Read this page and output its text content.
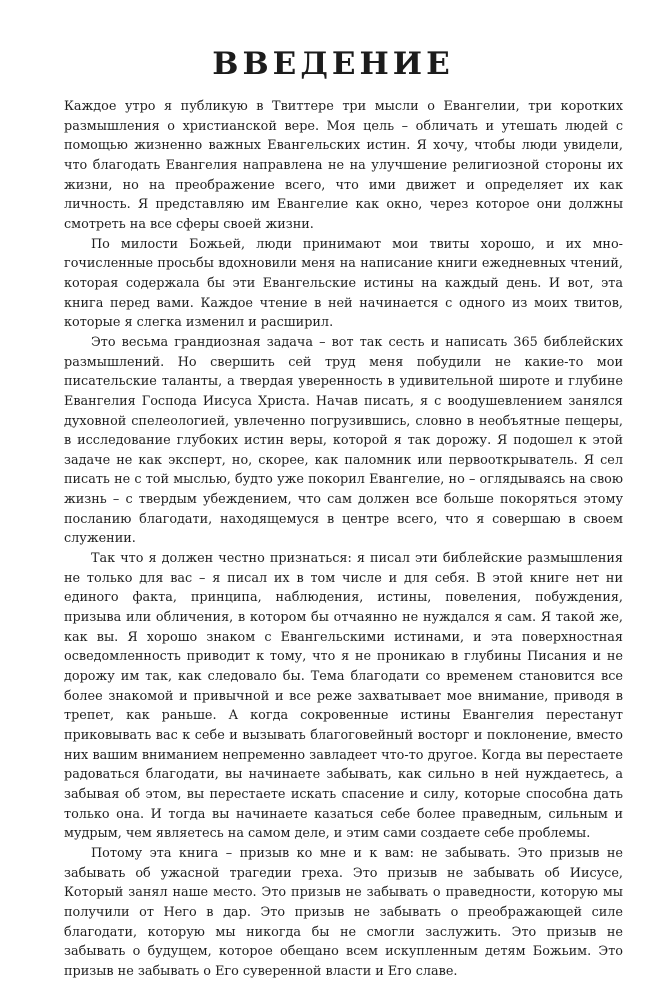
ВВЕДЕНИЕ

Каждое утро я публикую в Твиттере три мысли о Евангелии, три коротких размышления о христианской вере. Моя цель – обличать и утешать людей с помощью жизненно важных Евангельских истин. Я хочу, чтобы люди увидели, что благодать Евангелия направлена не на улучшение религиозной стороны их жизни, но на преображение всего, что ими движет и определяет их как личность. Я представляю им Евангелие как окно, через которое они должны смотреть на все сферы своей жизни.

По милости Божьей, люди принимают мои твиты хорошо, и их многочисленные просьбы вдохновили меня на написание книги ежедневных чтений, которая содержала бы эти Евангельские истины на каждый день. И вот, эта книга перед вами. Каждое чтение в ней начинается с одного из моих твитов, которые я слегка изменил и расширил.

Это весьма грандиозная задача – вот так сесть и написать 365 библейских размышлений. Но свершить сей труд меня побудили не какие-то мои писательские таланты, а твердая уверенность в удивительной широте и глубине Евангелия Господа Иисуса Христа. Начав писать, я с воодушевлением занялся духовной спелеологией, увлеченно погрузившись, словно в необъятные пещеры, в исследование глубоких истин веры, которой я так дорожу. Я подошел к этой задаче не как эксперт, но, скорее, как паломник или первооткрыватель. Я сел писать не с той мыслью, будто уже покорил Евангелие, но – оглядываясь на свою жизнь – с твердым убеждением, что сам должен все больше покоряться этому посланию благодати, находящемуся в центре всего, что я совершаю в своем служении.

Так что я должен честно признаться: я писал эти библейские размышления не только для вас – я писал их в том числе и для себя. В этой книге нет ни единого факта, принципа, наблюдения, истины, повеления, побуждения, призыва или обличения, в котором бы отчаянно не нуждался я сам. Я такой же, как вы. Я хорошо знаком с Евангельскими истинами, и эта поверхностная осведомленность приводит к тому, что я не проникаю в глубины Писания и не дорожу им так, как следовало бы. Тема благодати со временем становится все более знакомой и привычной и все реже захватывает мое внимание, приводя в трепет, как раньше. А когда сокровенные истины Евангелия перестанут приковывать вас к себе и вызывать благоговейный восторг и поклонение, вместо них вашим вниманием непременно завладеет что-то другое. Когда вы перестаете радоваться благодати, вы начинаете забывать, как сильно в ней нуждаетесь, а забывая об этом, вы перестаете искать спасение и силу, которые способна дать только она. И тогда вы начинаете казаться себе более праведным, сильным и мудрым, чем являетесь на самом деле, и этим сами создаете себе проблемы.

Потому эта книга – призыв ко мне и к вам: не забывать. Это призыв не забывать об ужасной трагедии греха. Это призыв не забывать об Иисусе, Который занял наше место. Это призыв не забывать о праведности, которую мы получили от Него в дар. Это призыв не забывать о преображающей силе благодати, которую мы никогда бы не смогли заслужить. Это призыв не забывать о будущем, которое обещано всем искупленным детям Божьим. Это призыв не забывать о Его суверенной власти и Его славе.
